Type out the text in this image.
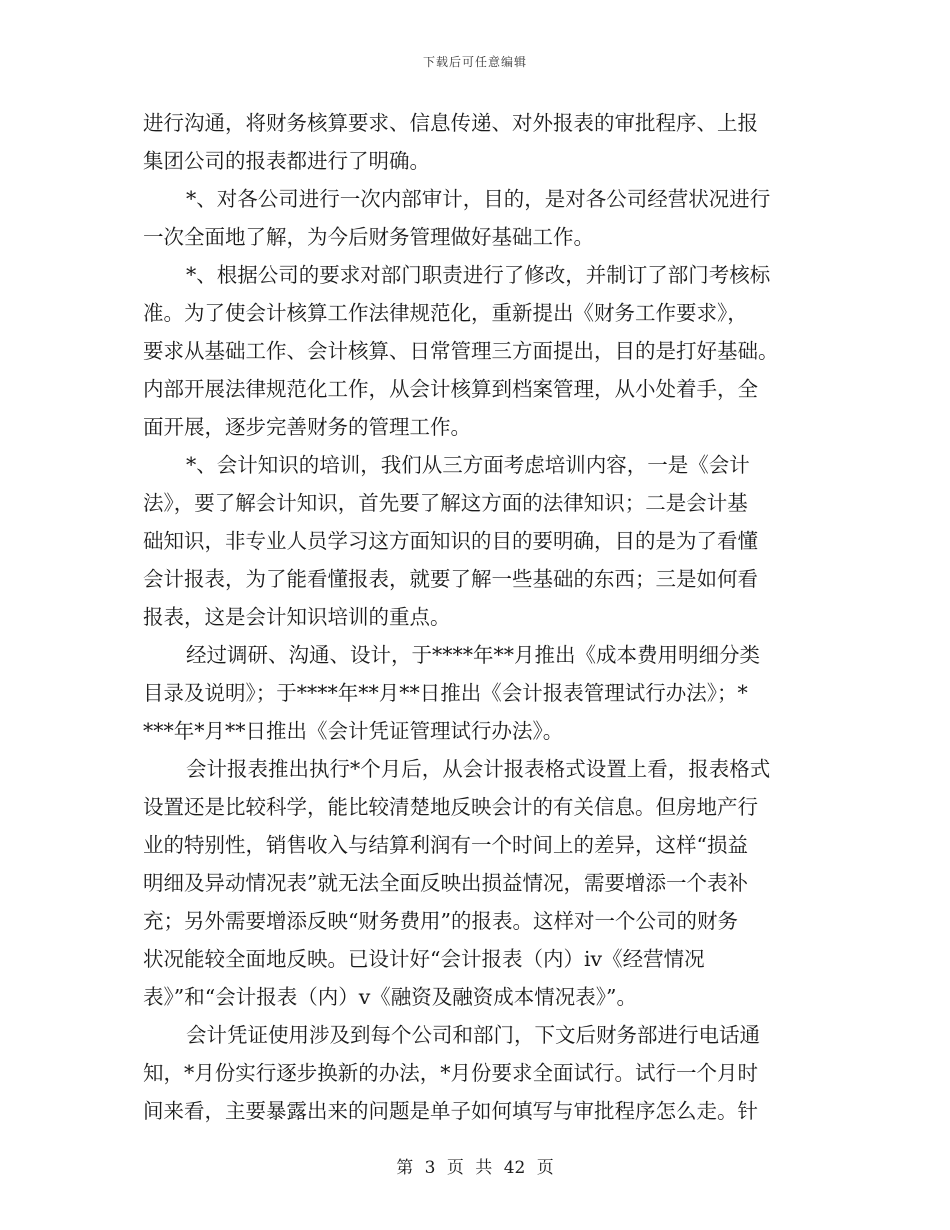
下载后可任意编辑
进行沟通，将财务核算要求、信息传递、对外报表的审批程序、上报
集团公司的报表都进行了明确。
*、对各公司进行一次内部审计，目的，是对各公司经营状况进行
一次全面地了解，为今后财务管理做好基础工作。
*、根据公司的要求对部门职责进行了修改，并制订了部门考核标
准。为了使会计核算工作法律规范化，重新提出《财务工作要求》，
要求从基础工作、会计核算、日常管理三方面提出，目的是打好基础。
内部开展法律规范化工作，从会计核算到档案管理，从小处着手，全
面开展，逐步完善财务的管理工作。
*、会计知识的培训，我们从三方面考虑培训内容，一是《会计
法》，要了解会计知识，首先要了解这方面的法律知识；二是会计基
础知识，非专业人员学习这方面知识的目的要明确，目的是为了看懂
会计报表，为了能看懂报表，就要了解一些基础的东西；三是如何看
报表，这是会计知识培训的重点。
经过调研、沟通、设计，于****年**月推出《成本费用明细分类
目录及说明》；于****年**月**日推出《会计报表管理试行办法》；*
***年*月**日推出《会计凭证管理试行办法》。
会计报表推出执行*个月后，从会计报表格式设置上看，报表格式
设置还是比较科学，能比较清楚地反映会计的有关信息。但房地产行
业的特别性，销售收入与结算利润有一个时间上的差异，这样“损益
明细及异动情况表”就无法全面反映出损益情况，需要增添一个表补
充；另外需要增添反映“财务费用”的报表。这样对一个公司的财务
状况能较全面地反映。已设计好“会计报表（内）iv《经营情况
表》”和“会计报表（内）v《融资及融资成本情况表》”。
会计凭证使用涉及到每个公司和部门，下文后财务部进行电话通
知，*月份实行逐步换新的办法，*月份要求全面试行。试行一个月时
间来看，主要暴露出来的问题是单子如何填写与审批程序怎么走。针
第 3 页 共 42 页
